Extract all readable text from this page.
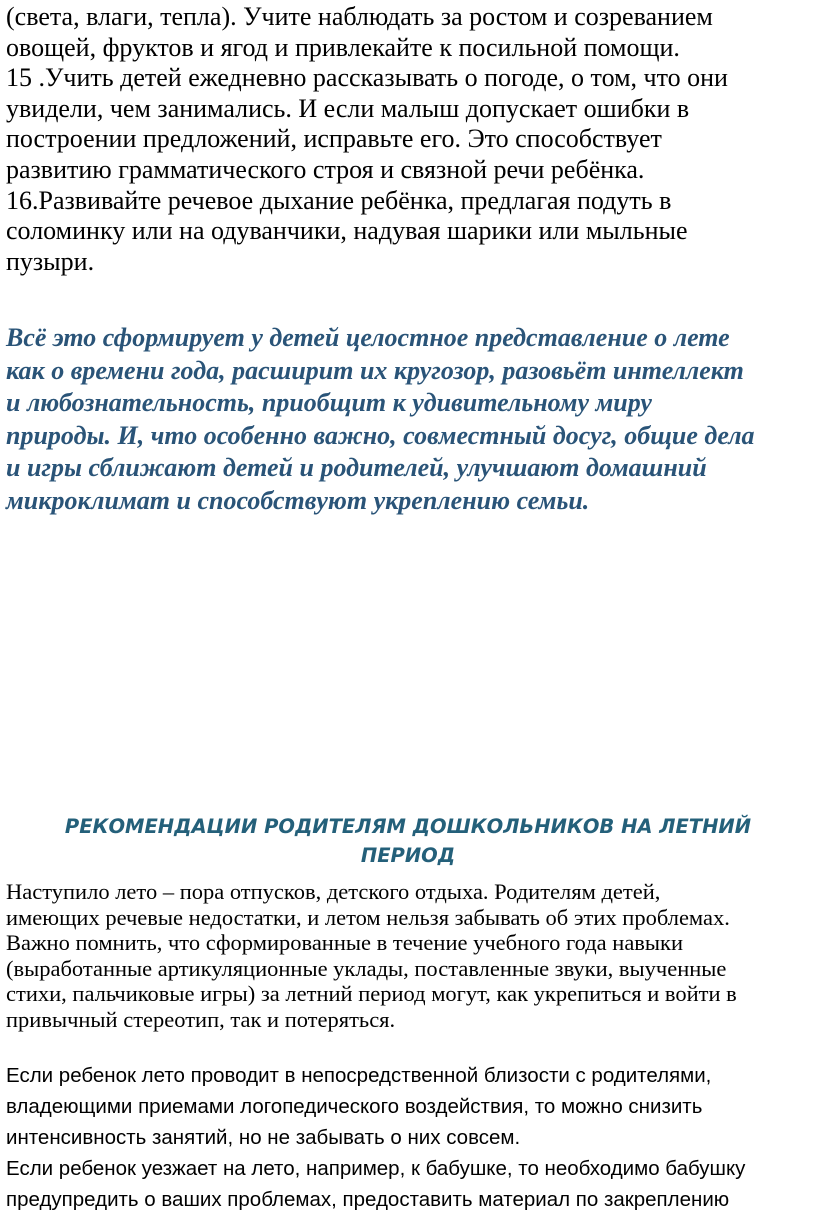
(света, влаги, тепла). Учите наблюдать за ростом и созреванием
овощей, фруктов и ягод и привлекайте к посильной помощи.
15 .Учить детей ежедневно рассказывать о погоде, о том, что они
увидели, чем занимались. И если малыш допускает ошибки в
построении предложений, исправьте его. Это способствует
развитию грамматического строя и связной речи ребёнка.
16.Развивайте речевое дыхание ребёнка, предлагая подуть в
соломинку или на одуванчики, надувая шарики или мыльные
пузыри.

Всё это сформирует у детей целостное представление о лете
как о времени года, расширит их кругозор, разовьёт интеллект
и любознательность, приобщит к удивительному миру
природы. И, что особенно важно, совместный досуг, общие дела
и игры сближают детей и родителей, улучшают домашний
микроклимат и способствуют укреплению семьи.

РЕКОМЕНДАЦИИ РОДИТЕЛЯМ ДОШКОЛЬНИКОВ НА ЛЕТНИЙ
ПЕРИОД

Наступило лето – пора отпусков, детского отдыха. Родителям детей,
имеющих речевые недостатки, и летом нельзя забывать об этих проблемах.
Важно помнить, что сформированные в течение учебного года навыки
(выработанные артикуляционные уклады, поставленные звуки, выученные
стихи, пальчиковые игры) за летний период могут, как укрепиться и войти в
привычный стереотип, так и потеряться.

Если ребенок лето проводит в непосредственной близости с родителями,
владеющими приемами логопедического воздействия, то можно снизить
интенсивность занятий, но не забывать о них совсем.

Если ребенок уезжает на лето, например, к бабушке, то необходимо бабушку
предупредить о ваших проблемах, предоставить материал по закреплению
